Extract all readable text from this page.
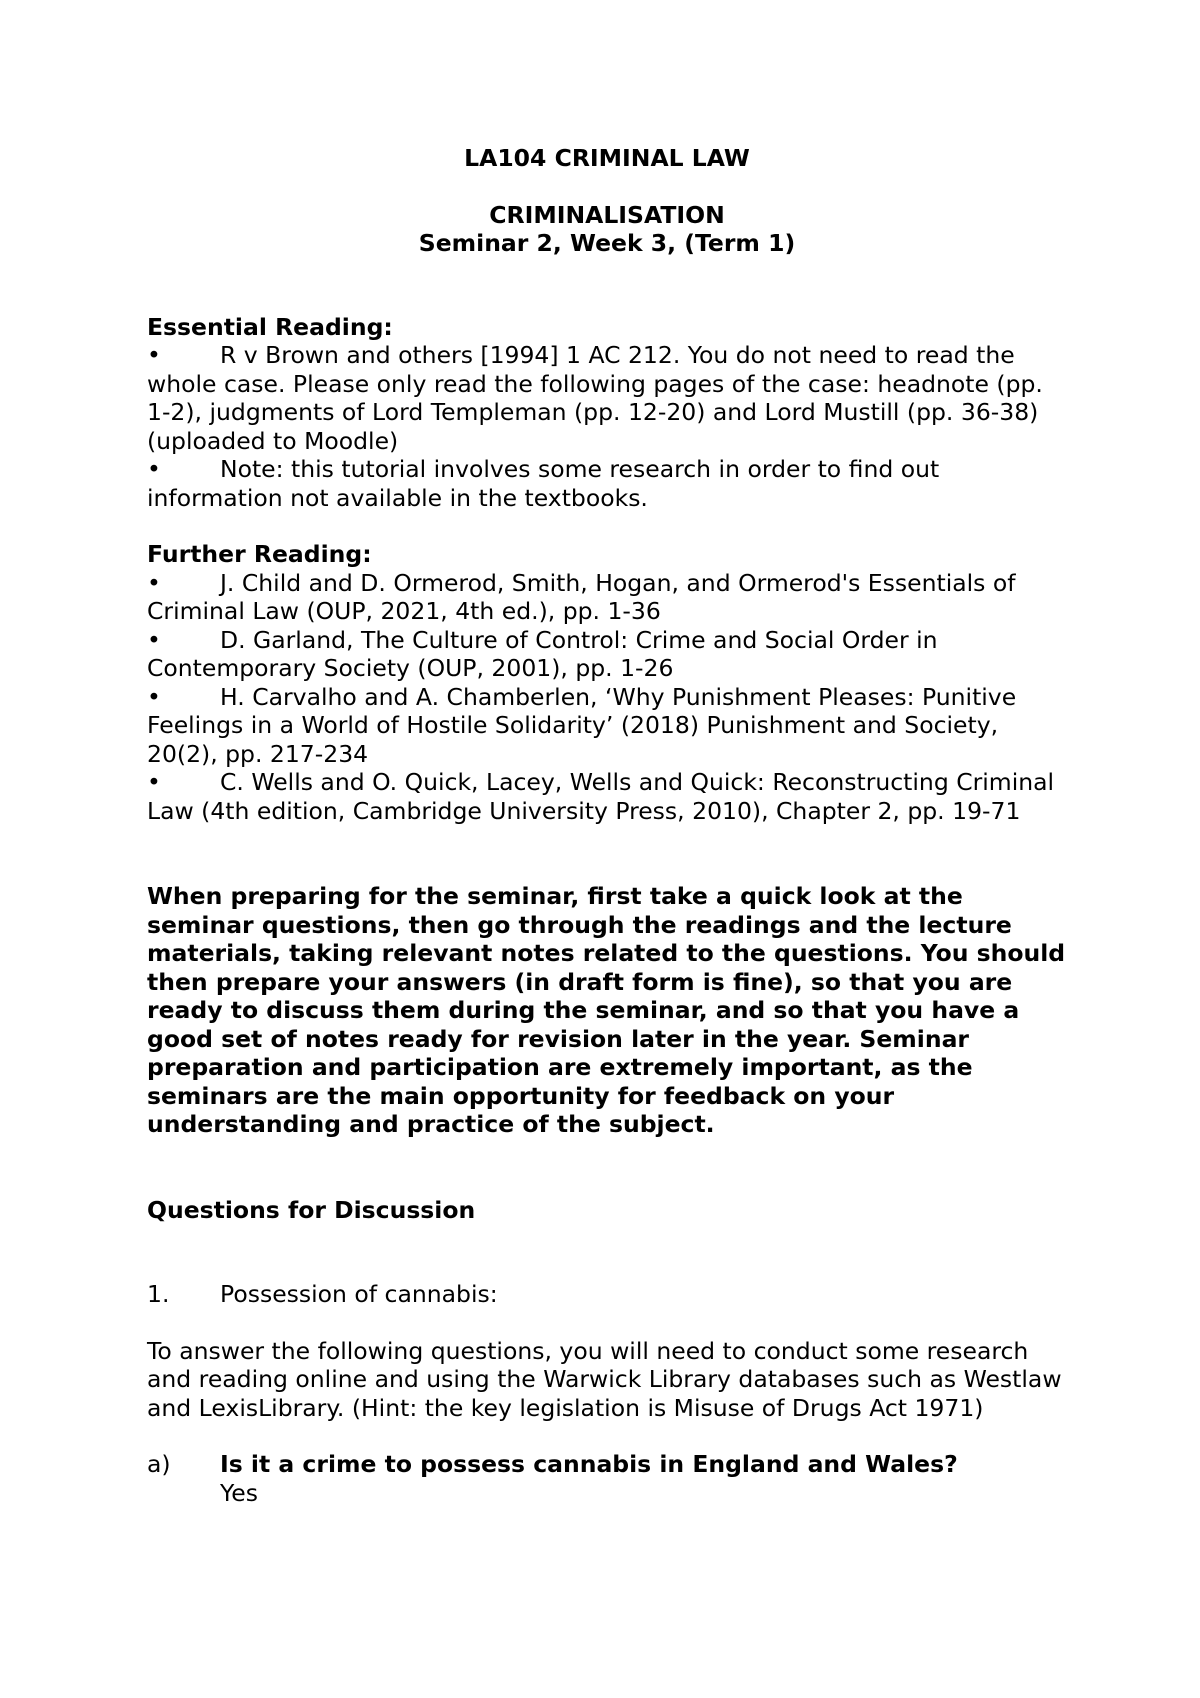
LA104 CRIMINAL LAW

CRIMINALISATION

Seminar 2, Week 3, (Term 1)

Essential Reading:

•	R v Brown and others [1994] 1 AC 212. You do not need to read the whole case. Please only read the following pages of the case: headnote (pp. 1-2), judgments of Lord Templeman (pp. 12-20) and Lord Mustill (pp. 36-38) (uploaded to Moodle)
•	Note: this tutorial involves some research in order to find out information not available in the textbooks.

Further Reading:

•	J. Child and D. Ormerod, Smith, Hogan, and Ormerod's Essentials of Criminal Law (OUP, 2021, 4th ed.), pp. 1-36
•	D. Garland, The Culture of Control: Crime and Social Order in Contemporary Society (OUP, 2001), pp. 1-26
•	H. Carvalho and A. Chamberlen, ‘Why Punishment Pleases: Punitive Feelings in a World of Hostile Solidarity’ (2018) Punishment and Society, 20(2), pp. 217-234
•	C. Wells and O. Quick, Lacey, Wells and Quick: Reconstructing Criminal Law (4th edition, Cambridge University Press, 2010), Chapter 2, pp. 19-71

When preparing for the seminar, first take a quick look at the seminar questions, then go through the readings and the lecture materials, taking relevant notes related to the questions. You should then prepare your answers (in draft form is fine), so that you are ready to discuss them during the seminar, and so that you have a good set of notes ready for revision later in the year. Seminar preparation and participation are extremely important, as the seminars are the main opportunity for feedback on your understanding and practice of the subject.

Questions for Discussion

1. Possession of cannabis:

To answer the following questions, you will need to conduct some research and reading online and using the Warwick Library databases such as Westlaw and LexisLibrary. (Hint: the key legislation is Misuse of Drugs Act 1971)

a) Is it a crime to possess cannabis in England and Wales?
Yes
